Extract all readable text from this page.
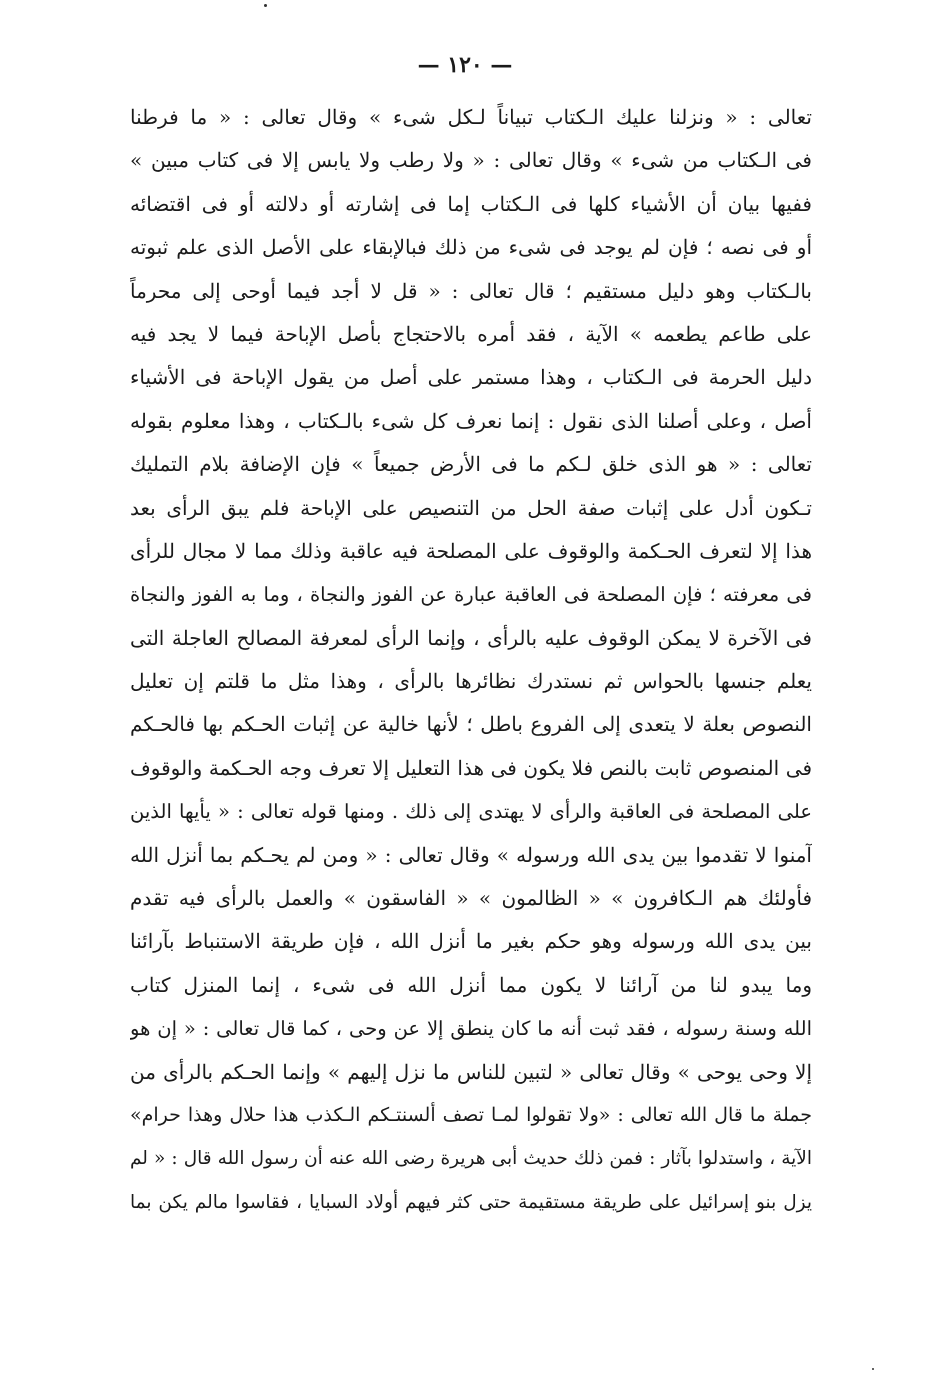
— ١٢٠ —
تعالى : « ونزلنا عليك الـكتاب تبياناً لـكل شىء » وقال تعالى : « ما فرطنا
فى الـكتاب من شىء » وقال تعالى : « ولا رطب ولا يابس إلا فى كتاب مبين »
ففيها بيان أن الأشياء كلها فى الـكتاب إما فى إشارته أو دلالته أو فى اقتضائه
أو فى نصه ؛ فإن لم يوجد فى شىء من ذلك فبالإبقاء على الأصل الذى علم ثبوته
بالـكتاب وهو دليل مستقيم ؛ قال تعالى : « قل لا أجد فيما أوحى إلى محرماً
على طاعم يطعمه » الآية ، فقد أمره بالاحتجاج بأصل الإباحة فيما لا يجد فيه
دليل الحرمة فى الـكتاب ، وهذا مستمر على أصل من يقول الإباحة فى الأشياء
أصل ، وعلى أصلنا الذى نقول : إنما نعرف كل شىء بالـكتاب ، وهذا معلوم بقوله
تعالى : « هو الذى خلق لـكم ما فى الأرض جميعاً » فإن الإضافة بلام التمليك
تـكون أدل على إثبات صفة الحل من التنصيص على الإباحة فلم يبق الرأى بعد
هذا إلا لتعرف الحـكمة والوقوف على المصلحة فيه عاقبة وذلك مما لا مجال للرأى
فى معرفته ؛ فإن المصلحة فى العاقبة عبارة عن الفوز والنجاة ، وما به الفوز والنجاة
فى الآخرة لا يمكن الوقوف عليه بالرأى ، وإنما الرأى لمعرفة المصالح العاجلة التى
يعلم جنسها بالحواس ثم نستدرك نظائرها بالرأى ، وهذا مثل ما قلتم إن تعليل
النصوص بعلة لا يتعدى إلى الفروع باطل ؛ لأنها خالية عن إثبات الحـكم بها فالحـكم
فى المنصوص ثابت بالنص فلا يكون فى هذا التعليل إلا تعرف وجه الحـكمة والوقوف
على المصلحة فى العاقبة والرأى لا يهتدى إلى ذلك . ومنها قوله تعالى : « يأيها الذين
آمنوا لا تقدموا بين يدى الله ورسوله » وقال تعالى : « ومن لم يحـكم بما أنزل الله
فأولئك هم الـكافرون » « الظالمون » « الفاسقون » والعمل بالرأى فيه تقدم
بين يدى الله ورسوله وهو حكم بغير ما أنزل الله ، فإن طريقة الاستنباط بآرائنا
وما يبدو لنا من آرائنا لا يكون مما أنزل الله فى شىء ، إنما المنزل كتاب
الله وسنة رسوله ، فقد ثبت أنه ما كان ينطق إلا عن وحى ، كما قال تعالى : « إن هو
إلا وحى يوحى » وقال تعالى « لتبين للناس ما نزل إليهم » وإنما الحـكم بالرأى من
جملة ما قال الله تعالى : «ولا تقولوا لمـا تصف ألسنتـكم الـكذب هذا حلال وهذا حرام»
الآية ، واستدلوا بآثار : فمن ذلك حديث أبى هريرة رضى الله عنه أن رسول الله قال : « لم
يزل بنو إسرائيل على طريقة مستقيمة حتى كثر فيهم أولاد السبايا ، فقاسوا مالم يكن بما
